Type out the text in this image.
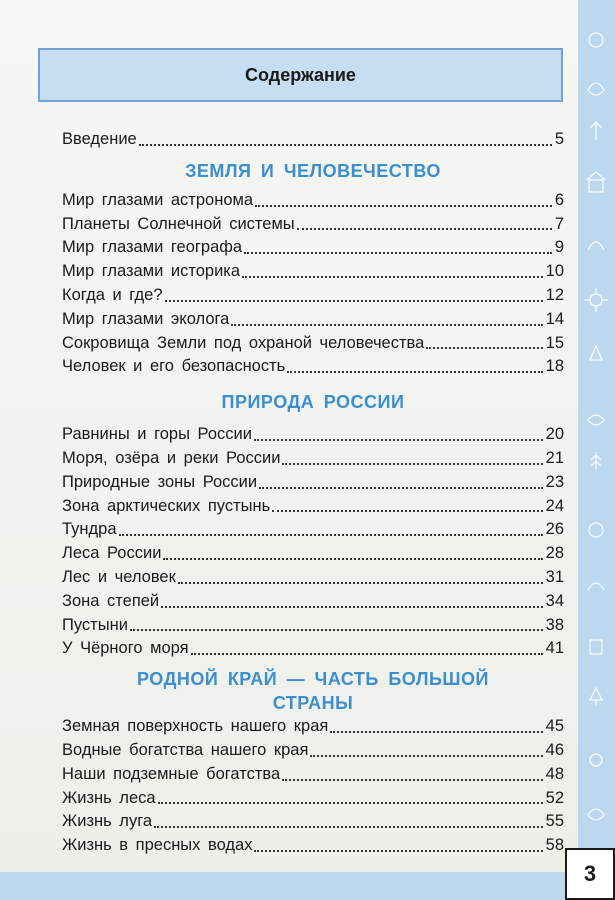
Содержание
Введение	5
ЗЕМЛЯ И ЧЕЛОВЕЧЕСТВО
Мир глазами астронома	6
Планеты Солнечной системы	7
Мир глазами географа	9
Мир глазами историка	10
Когда и где?	12
Мир глазами эколога	14
Сокровища Земли под охраной человечества	15
Человек и его безопасность	18
ПРИРОДА РОССИИ
Равнины и горы России	20
Моря, озёра и реки России	21
Природные зоны России	23
Зона арктических пустынь	24
Тундра	26
Леса России	28
Лес и человек	31
Зона степей	34
Пустыни	38
У Чёрного моря	41
РОДНОЙ КРАЙ — ЧАСТЬ БОЛЬШОЙ
СТРАНЫ
Земная поверхность нашего края	45
Водные богатства нашего края	46
Наши подземные богатства	48
Жизнь леса	52
Жизнь луга	55
Жизнь в пресных водах	58
3
